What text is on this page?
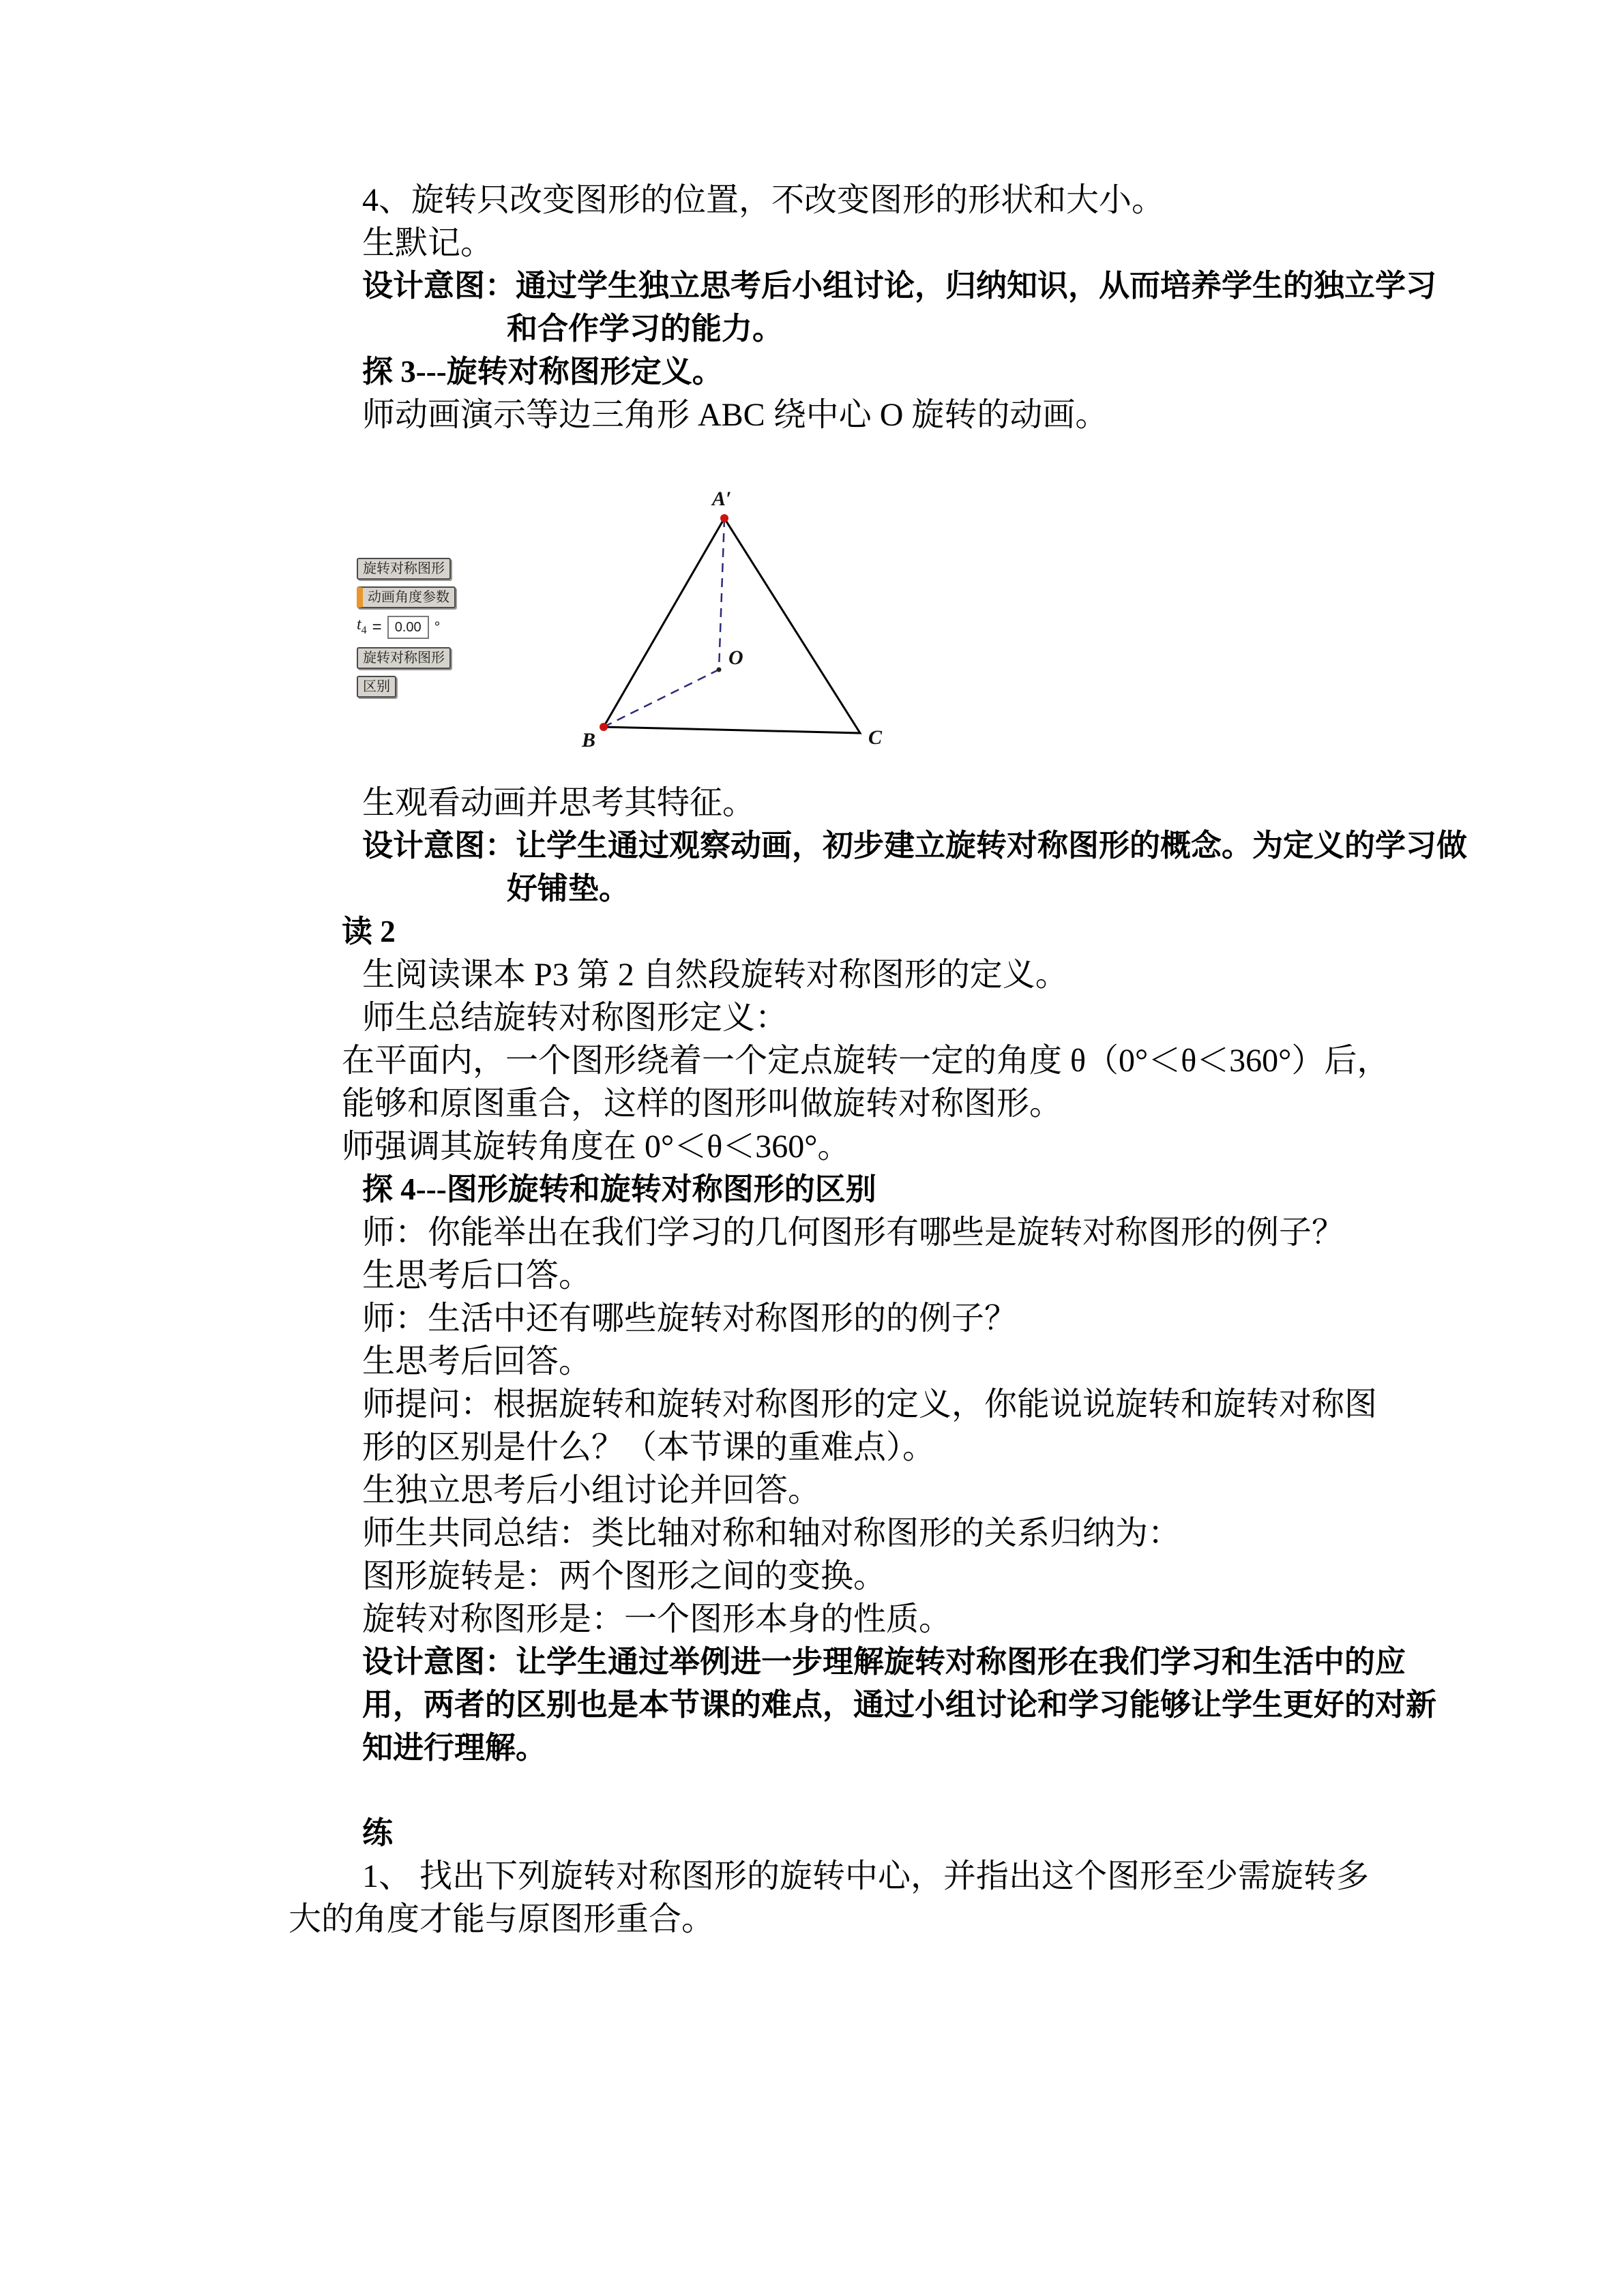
4、旋转只改变图形的位置，不改变图形的形状和大小。
生默记。
设计意图：通过学生独立思考后小组讨论，归纳知识，从而培养学生的独立学习
和合作学习的能力。
探 3---旋转对称图形定义。
师动画演示等边三角形 ABC 绕中心 O 旋转的动画。
旋转对称图形
动画角度参数
$t_4 = 0.00$ °
旋转对称图形
区别
A′
B	C
O
生观看动画并思考其特征。
设计意图：让学生通过观察动画，初步建立旋转对称图形的概念。为定义的学习做
好铺垫。
读 2
生阅读课本 P3 第 2 自然段旋转对称图形的定义。
师生总结旋转对称图形定义：
在平面内，一个图形绕着一个定点旋转一定的角度 θ（0°＜θ＜360°）后，
能够和原图重合，这样的图形叫做旋转对称图形。
师强调其旋转角度在 0°＜θ＜360°。
探 4---图形旋转和旋转对称图形的区别
师：你能举出在我们学习的几何图形有哪些是旋转对称图形的例子？
生思考后口答。
师：生活中还有哪些旋转对称图形的的例子？
生思考后回答。
师提问：根据旋转和旋转对称图形的定义，你能说说旋转和旋转对称图
形的区别是什么？（本节课的重难点）。
生独立思考后小组讨论并回答。
师生共同总结：类比轴对称和轴对称图形的关系归纳为：
图形旋转是：两个图形之间的变换。
旋转对称图形是：一个图形本身的性质。
设计意图：让学生通过举例进一步理解旋转对称图形在我们学习和生活中的应
用，两者的区别也是本节课的难点，通过小组讨论和学习能够让学生更好的对新
知进行理解。
练
1、 找出下列旋转对称图形的旋转中心，并指出这个图形至少需旋转多
大的角度才能与原图形重合。
